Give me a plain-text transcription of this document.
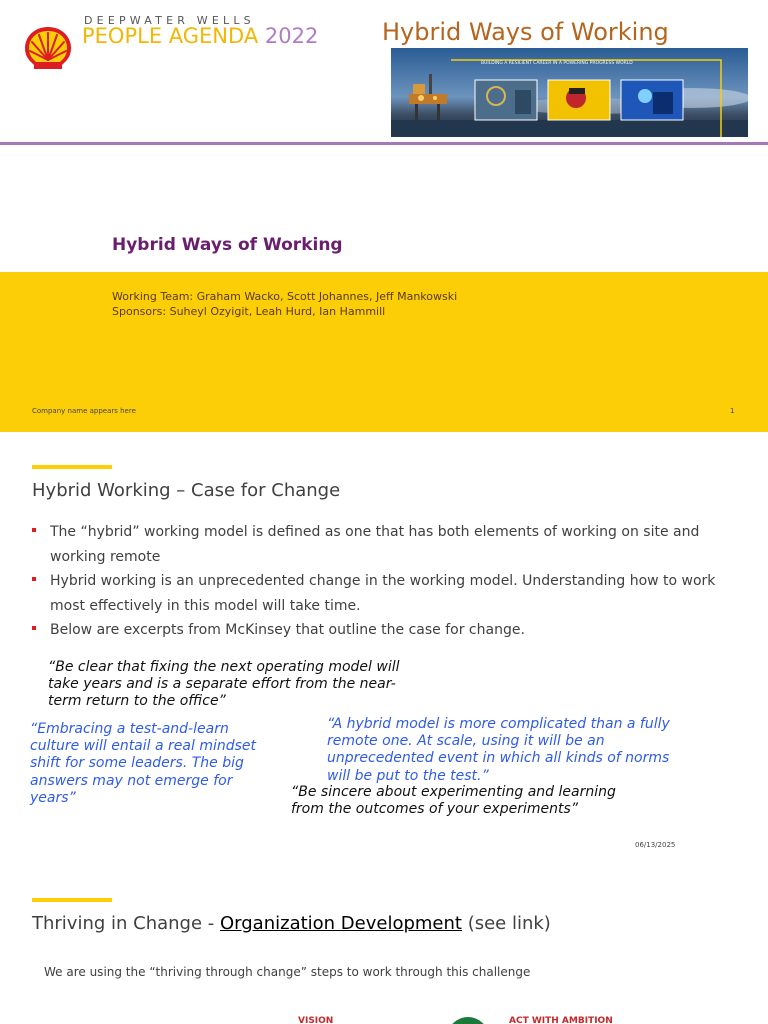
DEEPWATER WELLS
PEOPLE AGENDA 2022	Hybrid Ways of Working
BUILDING A RESILIENT CAREER IN A POWERING PROGRESS WORLD
Hybrid Ways of Working
Working Team: Graham Wacko, Scott Johannes, Jeff Mankowski
Sponsors: Suheyl Ozyigit, Leah Hurd, Ian Hammill
Company name appears here	1
Hybrid Working – Case for Change
The “hybrid” working model is defined as one that has both elements of working on site and working remote
Hybrid working is an unprecedented change in the working model. Understanding how to work most effectively in this model will take time.
Below are excerpts from McKinsey that outline the case for change.
“Be clear that fixing the next operating model will
take years and is a separate effort from the near-
term return to the office”
“Embracing a test-and-learn
culture will entail a real mindset
shift for some leaders. The big
answers may not emerge for
years”
“A hybrid model is more complicated than a fully
remote one. At scale, using it will be an
unprecedented event in which all kinds of norms
will be put to the test.”
“Be sincere about experimenting and learning
from the outcomes of your experiments”
06/13/2025
Thriving in Change - Organization Development (see link)
We are using the “thriving through change” steps to work through this challenge
VISION	ACT WITH AMBITION
